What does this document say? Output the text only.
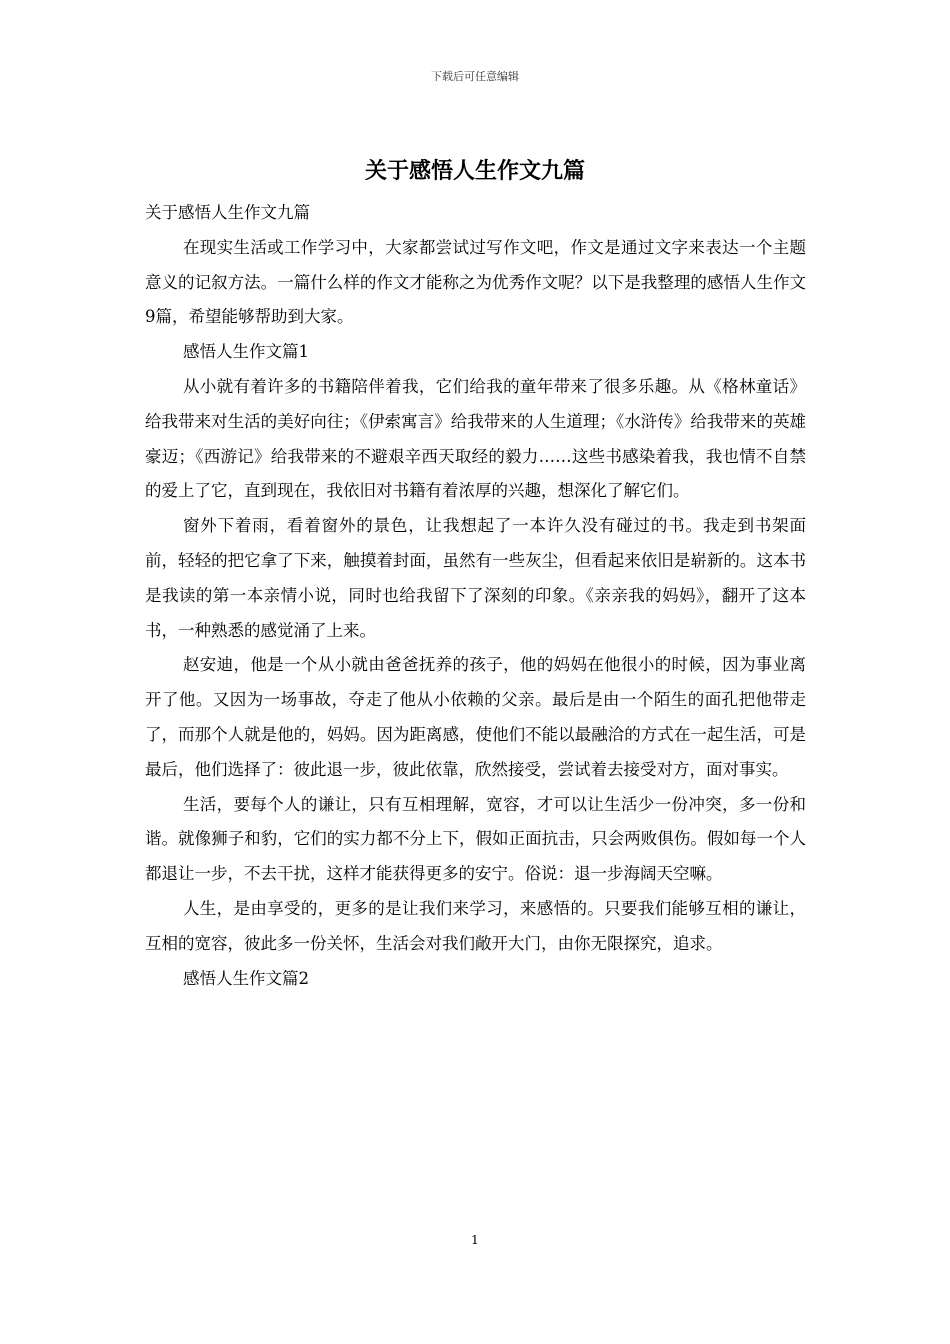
下载后可任意编辑
关于感悟人生作文九篇

关于感悟人生作文九篇

在现实生活或工作学习中，大家都尝试过写作文吧，作文是通过文字来表达一个主题意义的记叙方法。一篇什么样的作文才能称之为优秀作文呢？以下是我整理的感悟人生作文9篇，希望能够帮助到大家。

感悟人生作文篇1

从小就有着许多的书籍陪伴着我，它们给我的童年带来了很多乐趣。从《格林童话》给我带来对生活的美好向往；《伊索寓言》给我带来的人生道理；《水浒传》给我带来的英雄豪迈；《西游记》给我带来的不避艰辛西天取经的毅力……这些书感染着我，我也情不自禁的爱上了它，直到现在，我依旧对书籍有着浓厚的兴趣，想深化了解它们。

窗外下着雨，看着窗外的景色，让我想起了一本许久没有碰过的书。我走到书架面前，轻轻的把它拿了下来，触摸着封面，虽然有一些灰尘，但看起来依旧是崭新的。这本书是我读的第一本亲情小说，同时也给我留下了深刻的印象。《亲亲我的妈妈》，翻开了这本书，一种熟悉的感觉涌了上来。

赵安迪，他是一个从小就由爸爸抚养的孩子，他的妈妈在他很小的时候，因为事业离开了他。又因为一场事故，夺走了他从小依赖的父亲。最后是由一个陌生的面孔把他带走了，而那个人就是他的，妈妈。因为距离感，使他们不能以最融洽的方式在一起生活，可是最后，他们选择了：彼此退一步，彼此依靠，欣然接受，尝试着去接受对方，面对事实。

生活，要每个人的谦让，只有互相理解，宽容，才可以让生活少一份冲突，多一份和谐。就像狮子和豹，它们的实力都不分上下，假如正面抗击，只会两败俱伤。假如每一个人都退让一步，不去干扰，这样才能获得更多的安宁。俗说：退一步海阔天空嘛。

人生，是由享受的，更多的是让我们来学习，来感悟的。只要我们能够互相的谦让，互相的宽容，彼此多一份关怀，生活会对我们敞开大门，由你无限探究，追求。

感悟人生作文篇2

1
